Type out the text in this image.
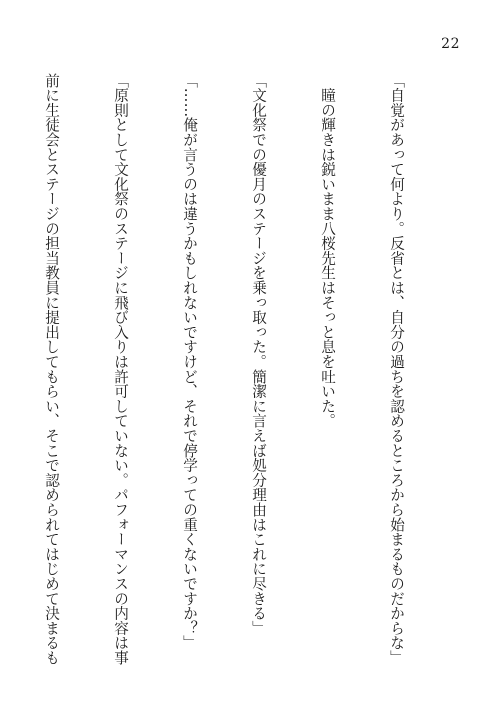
22

「自覚があって何より。反省とは、自分の過ちを認めるところから始まるものだからな」

　瞳の輝きは鋭いまま八桜先生はそっと息を吐いた。

「文化祭での優月のステージを乗っ取った。簡潔に言えば処分理由はこれに尽きる」

「……俺が言うのは違うかもしれないですけど、それで停学っての重くないですか？」

「原則として文化祭のステージに飛び入りは許可していない。パフォーマンスの内容は事

前に生徒会とステージの担当教員に提出してもらい、そこで認められてはじめて決まるも
